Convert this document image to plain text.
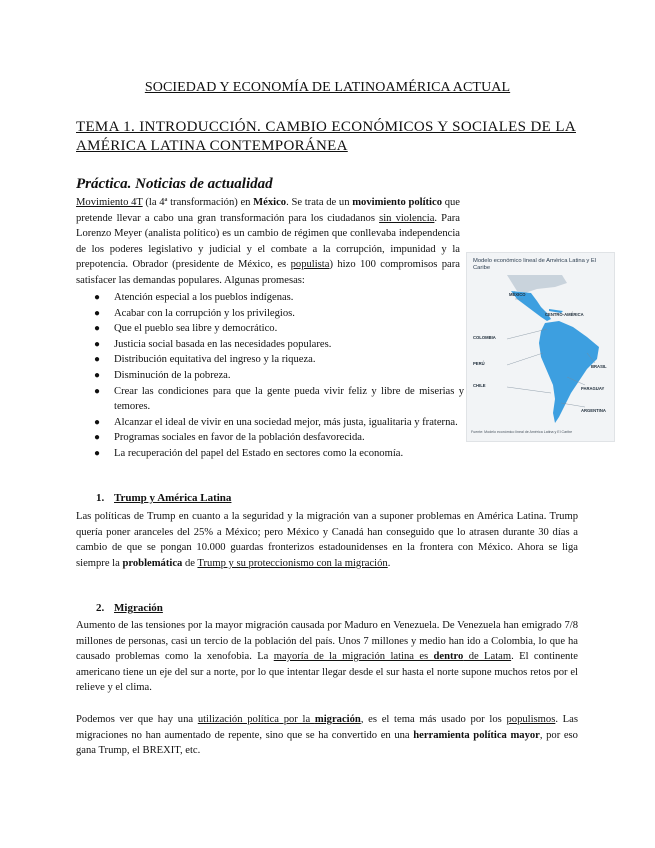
SOCIEDAD Y ECONOMÍA DE LATINOAMÉRICA ACTUAL
TEMA 1. INTRODUCCIÓN. CAMBIO ECONÓMICOS Y SOCIALES DE LA AMÉRICA LATINA CONTEMPORÁNEA
Práctica. Noticias de actualidad
Movimiento 4T (la 4ª transformación) en México. Se trata de un movimiento político que pretende llevar a cabo una gran transformación para los ciudadanos sin violencia. Para Lorenzo Meyer (analista político) es un cambio de régimen que conllevaba independencia de los poderes legislativo y judicial y el combate a la corrupción, impunidad y la prepotencia. Obrador (presidente de México, es populista) hizo 100 compromisos para satisfacer las demandas populares. Algunas promesas:
● Atención especial a los pueblos indígenas.
● Acabar con la corrupción y los privilegios.
● Que el pueblo sea libre y democrático.
● Justicia social basada en las necesidades populares.
● Distribución equitativa del ingreso y la riqueza.
● Disminución de la pobreza.
● Crear las condiciones para que la gente pueda vivir feliz y libre de miserias y temores.
● Alcanzar el ideal de vivir en una sociedad mejor, más justa, igualitaria y fraterna.
● Programas sociales en favor de la población desfavorecida.
● La recuperación del papel del Estado en sectores como la economía.
Modelo económico lineal de América Latina y El Caribe
MÉXICO
CENTRO-AMÉRICA
COLOMBIA
PERÚ
CHILE
BRASIL
PARAGUAY
ARGENTINA
Fuente: Modelo económico lineal de América Latina y El Caribe
1. Trump y América Latina
Las políticas de Trump en cuanto a la seguridad y la migración van a suponer problemas en América Latina. Trump quería poner aranceles del 25% a México; pero México y Canadá han conseguido que lo atrasen durante 30 días a cambio de que se pongan 10.000 guardas fronterizos estadounidenses en la frontera con México. Ahora se liga siempre la problemática de Trump y su proteccionismo con la migración.
2. Migración
Aumento de las tensiones por la mayor migración causada por Maduro en Venezuela. De Venezuela han emigrado 7/8 millones de personas, casi un tercio de la población del país. Unos 7 millones y medio han ido a Colombia, lo que ha causado problemas como la xenofobia. La mayoría de la migración latina es dentro de Latam. El continente americano tiene un eje del sur a norte, por lo que intentar llegar desde el sur hasta el norte supone muchos retos por el relieve y el clima.
Podemos ver que hay una utilización política por la migración, es el tema más usado por los populismos. Las migraciones no han aumentado de repente, sino que se ha convertido en una herramienta política mayor, por eso gana Trump, el BREXIT, etc.
